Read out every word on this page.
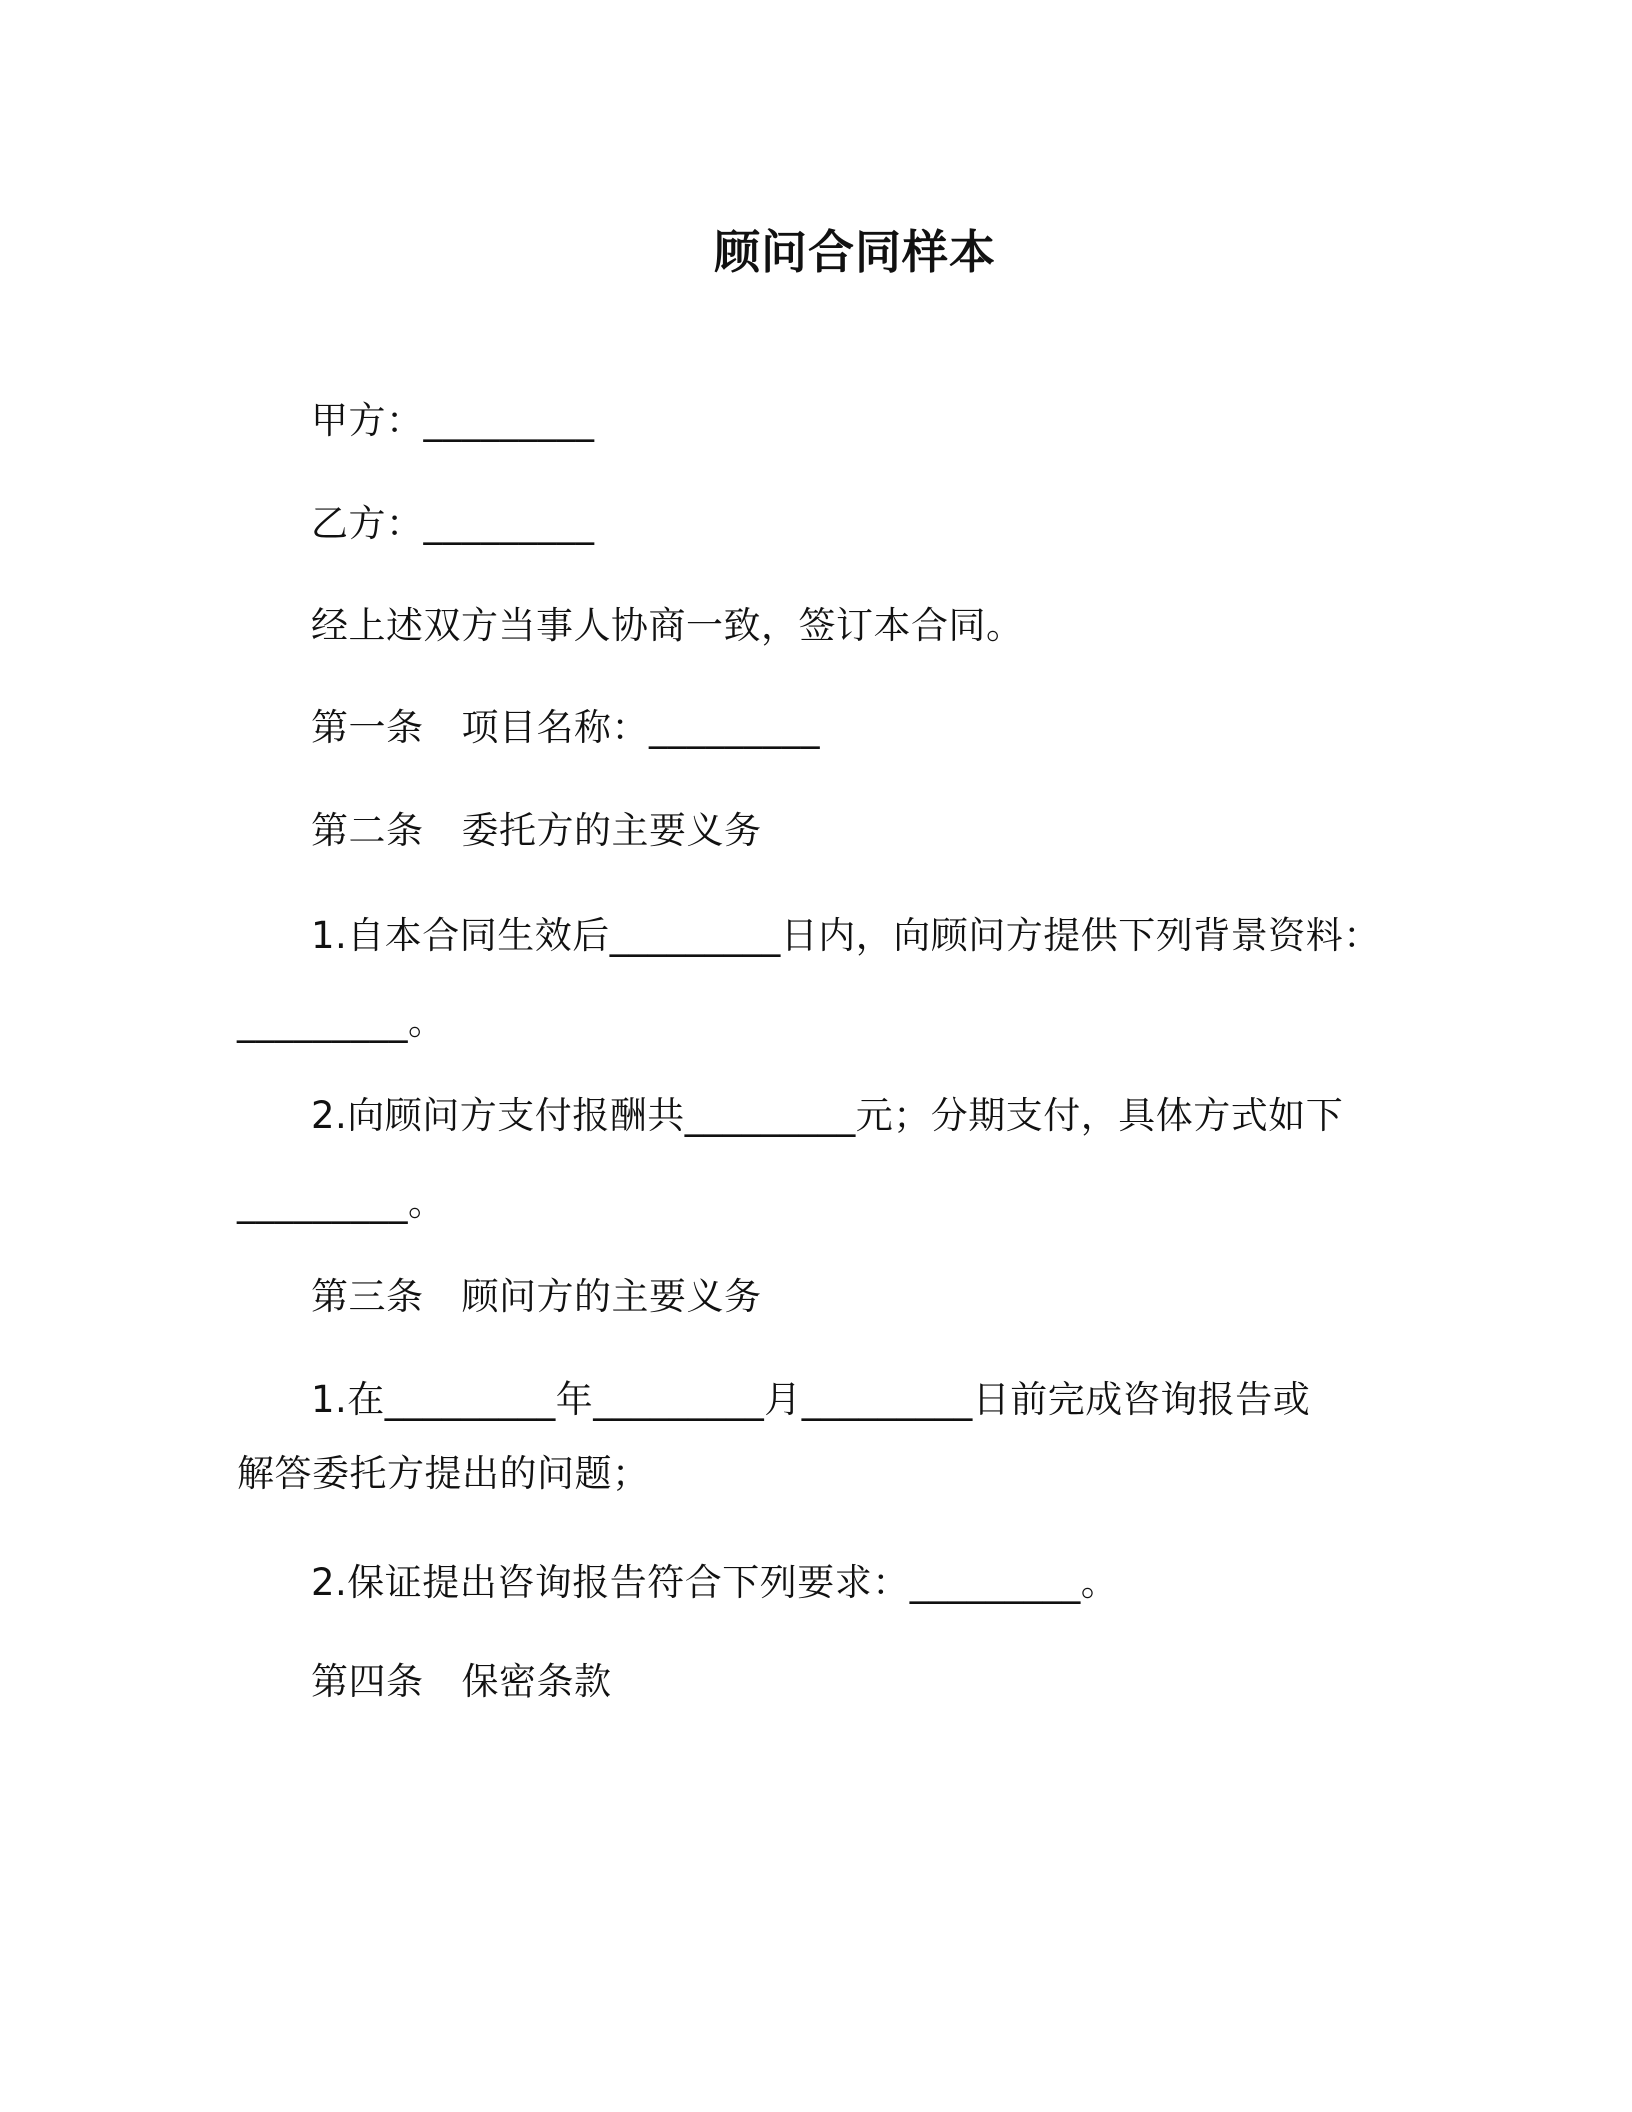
顾问合同样本
甲方：_________
乙方：_________
经上述双方当事人协商一致，签订本合同。
第一条 项目名称：_________
第二条 委托方的主要义务
1.自本合同生效后_________日内，向顾问方提供下列背景资料：
_________。
2.向顾问方支付报酬共_________元；分期支付，具体方式如下
_________。
第三条 顾问方的主要义务
1.在_________年_________月_________日前完成咨询报告或
解答委托方提出的问题；
2.保证提出咨询报告符合下列要求：_________。
第四条 保密条款
